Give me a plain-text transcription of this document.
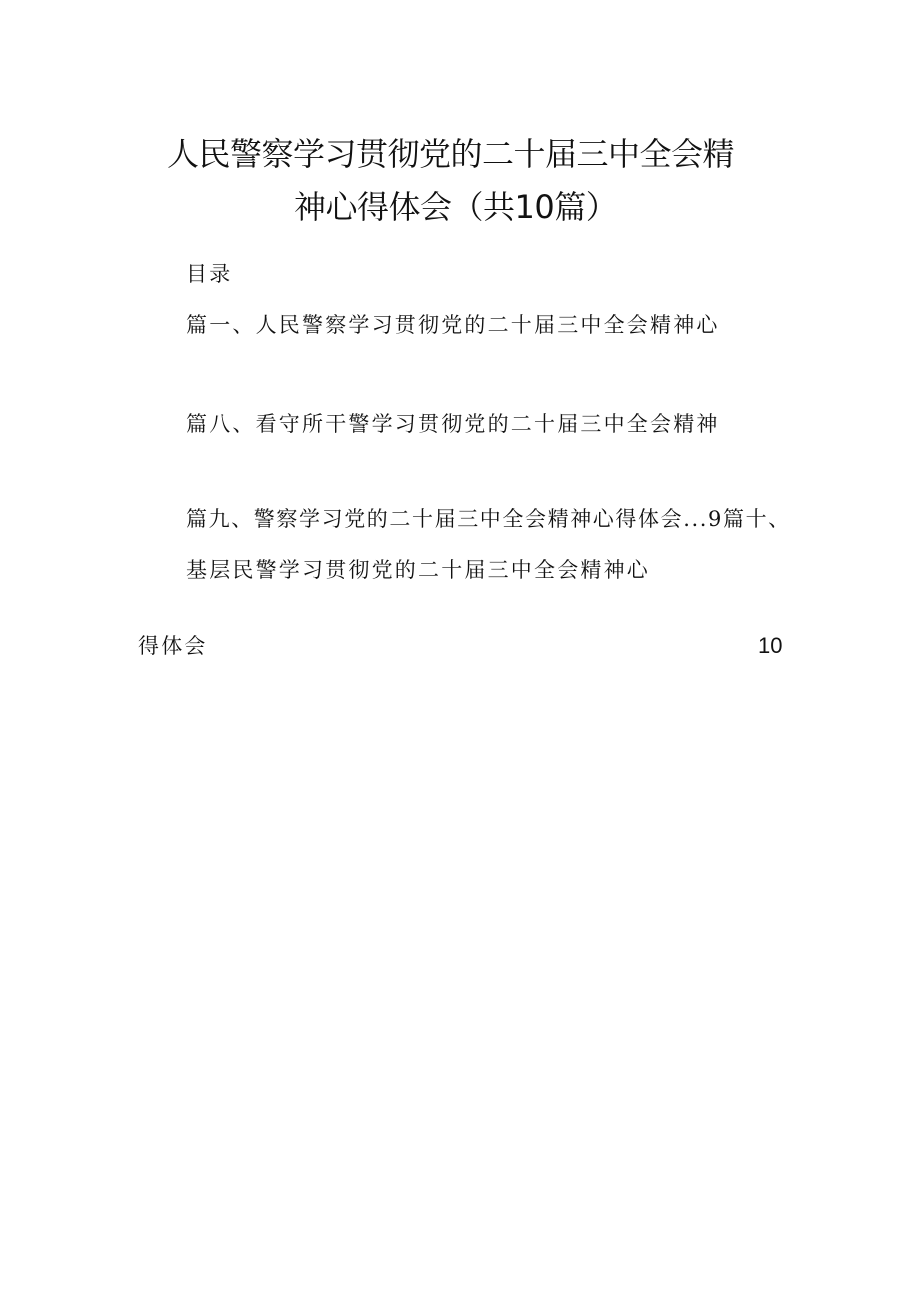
人民警察学习贯彻党的二十届三中全会精
神心得体会（共10篇）
目录
篇一、人民警察学习贯彻党的二十届三中全会精神心
篇八、看守所干警学习贯彻党的二十届三中全会精神
篇九、警察学习党的二十届三中全会精神心得体会...9篇十、
基层民警学习贯彻党的二十届三中全会精神心
得体会	10
